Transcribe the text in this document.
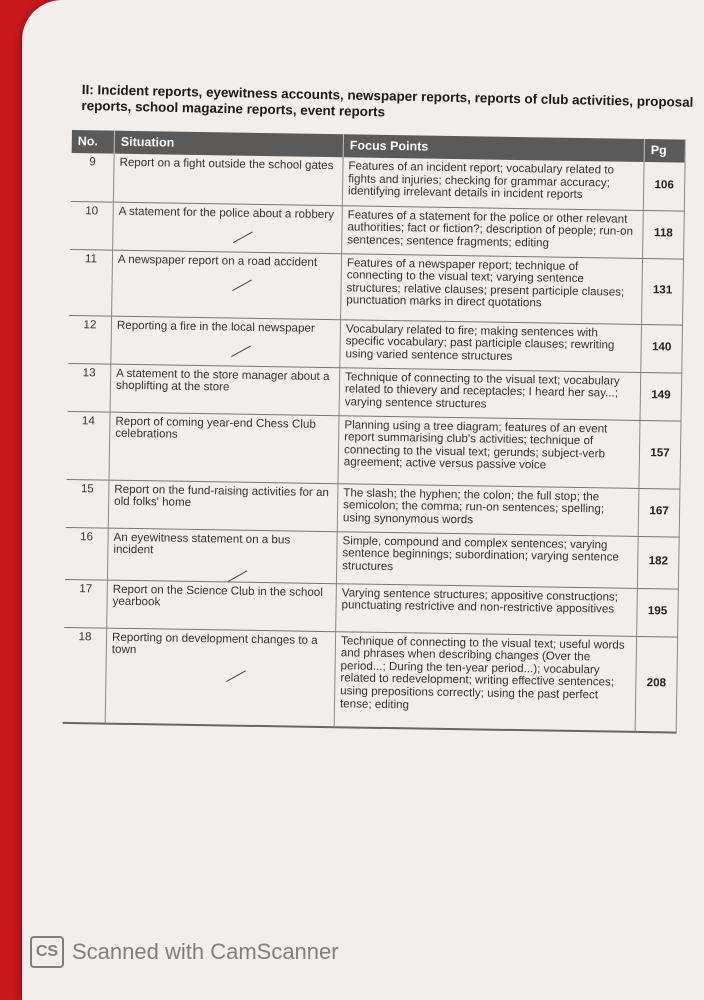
II: Incident reports, eyewitness accounts, newspaper reports, reports of club activities, proposal reports, school magazine reports, event reports
No.	Situation	Focus Points	Pg
9	Report on a fight outside the school gates	Features of an incident report; vocabulary related to fights and injuries; checking for grammar accuracy; identifying irrelevant details in incident reports	106
10	A statement for the police about a robbery	Features of a statement for the police or other relevant authorities; fact or fiction?; description of people; run-on sentences; sentence fragments; editing	118
11	A newspaper report on a road accident	Features of a newspaper report; technique of connecting to the visual text; varying sentence structures; relative clauses; present participle clauses; punctuation marks in direct quotations	131
12	Reporting a fire in the local newspaper	Vocabulary related to fire; making sentences with specific vocabulary; past participle clauses; rewriting using varied sentence structures	140
13	A statement to the store manager about a shoplifting at the store	Technique of connecting to the visual text; vocabulary related to thievery and receptacles; I heard her say...; varying sentence structures	149
14	Report of coming year-end Chess Club celebrations	Planning using a tree diagram; features of an event report summarising club's activities; technique of connecting to the visual text; gerunds; subject-verb agreement; active versus passive voice	157
15	Report on the fund-raising activities for an old folks' home	The slash; the hyphen; the colon; the full stop; the semicolon; the comma; run-on sentences; spelling; using synonymous words	167
16	An eyewitness statement on a bus incident	Simple, compound and complex sentences; varying sentence beginnings; subordination; varying sentence structures	182
17	Report on the Science Club in the school yearbook	Varying sentence structures; appositive constructions; punctuating restrictive and non-restrictive appositives	195
18	Reporting on development changes to a town	Technique of connecting to the visual text; useful words and phrases when describing changes (Over the period...; During the ten-year period...); vocabulary related to redevelopment; writing effective sentences; using prepositions correctly; using the past perfect tense; editing	208
CS Scanned with CamScanner
